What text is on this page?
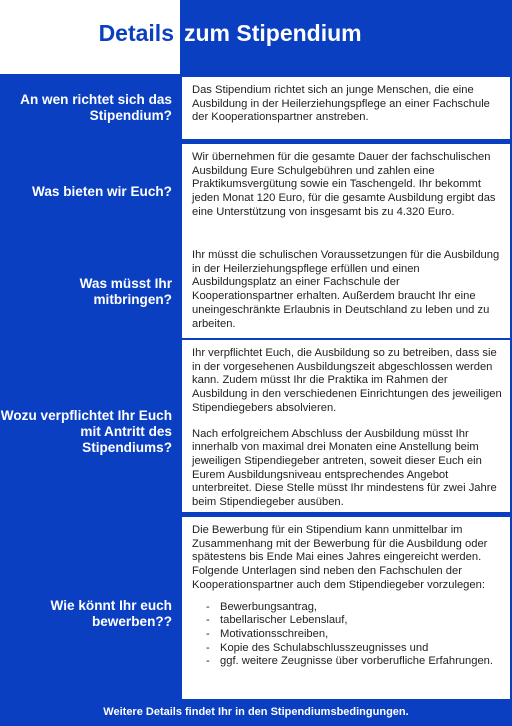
Details zum Stipendium
An wen richtet sich das Stipendium?
Was bieten wir Euch?
Was müsst Ihr mitbringen?
Wozu verpflichtet Ihr Euch mit Antritt des Stipendiums?
Wie könnt Ihr euch bewerben??

Das Stipendium richtet sich an junge Menschen, die eine Ausbildung in der Heilerziehungspflege an einer Fachschule der Kooperationspartner anstreben.

Wir übernehmen für die gesamte Dauer der fachschulischen Ausbildung Eure Schulgebühren und zahlen eine Praktikumsvergütung sowie ein Taschengeld. Ihr bekommt jeden Monat 120 Euro, für die gesamte Ausbildung ergibt das eine Unterstützung von insgesamt bis zu 4.320 Euro.

Ihr müsst die schulischen Voraussetzungen für die Ausbildung in der Heilerziehungspflege erfüllen und einen Ausbildungsplatz an einer Fachschule der Kooperationspartner erhalten. Außerdem braucht Ihr eine uneingeschränkte Erlaubnis in Deutschland zu leben und zu arbeiten.

Ihr verpflichtet Euch, die Ausbildung so zu betreiben, dass sie in der vorgesehenen Ausbildungszeit abgeschlossen werden kann. Zudem müsst Ihr die Praktika im Rahmen der Ausbildung in den verschiedenen Einrichtungen des jeweiligen Stipendiegebers absolvieren.

Nach erfolgreichem Abschluss der Ausbildung müsst Ihr innerhalb von maximal drei Monaten eine Anstellung beim jeweiligen Stipendiegeber antreten, soweit dieser Euch ein Eurem Ausbildungsniveau entsprechendes Angebot unterbreitet. Diese Stelle müsst Ihr mindestens für zwei Jahre beim Stipendiegeber ausüben.

Die Bewerbung für ein Stipendium kann unmittelbar im Zusammenhang mit der Bewerbung für die Ausbildung oder spätestens bis Ende Mai eines Jahres eingereicht werden. Folgende Unterlagen sind neben den Fachschulen der Kooperationspartner auch dem Stipendiegeber vorzulegen:

- Bewerbungsantrag,
- tabellarischer Lebenslauf,
- Motivationsschreiben,
- Kopie des Schulabschlusszeugnisses und
- ggf. weitere Zeugnisse über vorberufliche Erfahrungen.
Weitere Details findet Ihr in den Stipendiumsbedingungen.
